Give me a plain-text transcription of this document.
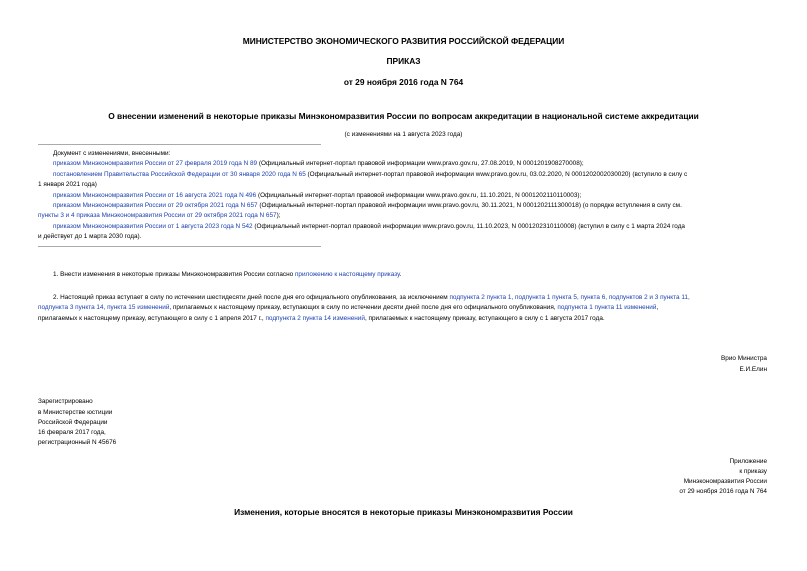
МИНИСТЕРСТВО ЭКОНОМИЧЕСКОГО РАЗВИТИЯ РОССИЙСКОЙ ФЕДЕРАЦИИ
ПРИКАЗ
от 29 ноября 2016 года N 764
О внесении изменений в некоторые приказы Минэкономразвития России по вопросам аккредитации в национальной системе аккредитации
(с изменениями на 1 августа 2023 года)
Документ с изменениями, внесенными:
приказом Минэкономразвития России от 27 февраля 2019 года N 89 (Официальный интернет-портал правовой информации www.pravo.gov.ru, 27.08.2019, N 0001201908270008);
постановлением Правительства Российской Федерации от 30 января 2020 года N 65 (Официальный интернет-портал правовой информации www.pravo.gov.ru, 03.02.2020, N 0001202002030020) (вступило в силу с
1 января 2021 года)
приказом Минэкономразвития России от 16 августа 2021 года N 496 (Официальный интернет-портал правовой информации www.pravo.gov.ru, 11.10.2021, N 0001202110110003);
приказом Минэкономразвития России от 29 октября 2021 года N 657 (Официальный интернет-портал правовой информации www.pravo.gov.ru, 30.11.2021, N 0001202111300018) (о порядке вступления в силу см.
пункты 3 и 4 приказа Минэкономразвития России от 29 октября 2021 года N 657);
приказом Минэкономразвития России от 1 августа 2023 года N 542 (Официальный интернет-портал правовой информации www.pravo.gov.ru, 11.10.2023, N 0001202310110008) (вступил в силу с 1 марта 2024 года
и действует до 1 марта 2030 года).
1. Внести изменения в некоторые приказы Минэкономразвития России согласно приложению к настоящему приказу.
2. Настоящий приказ вступает в силу по истечении шестидесяти дней после дня его официального опубликования, за исключением подпункта 2 пункта 1, подпункта 1 пункта 5, пункта 6, подпунктов 2 и 3 пункта 11,
подпункта 3 пункта 14, пункта 15 изменений, прилагаемых к настоящему приказу, вступающих в силу по истечении десяти дней после дня его официального опубликования, подпункта 1 пункта 11 изменений,
прилагаемых к настоящему приказу, вступающего в силу с 1 апреля 2017 г., подпункта 2 пункта 14 изменений, прилагаемых к настоящему приказу, вступающего в силу с 1 августа 2017 года.
Врио Министра
Е.И.Елин
Зарегистрировано
в Министерстве юстиции
Российской Федерации
16 февраля 2017 года,
регистрационный N 45676
Приложение
к приказу
Минэкономразвития России
от 29 ноября 2016 года N 764
Изменения, которые вносятся в некоторые приказы Минэкономразвития России
